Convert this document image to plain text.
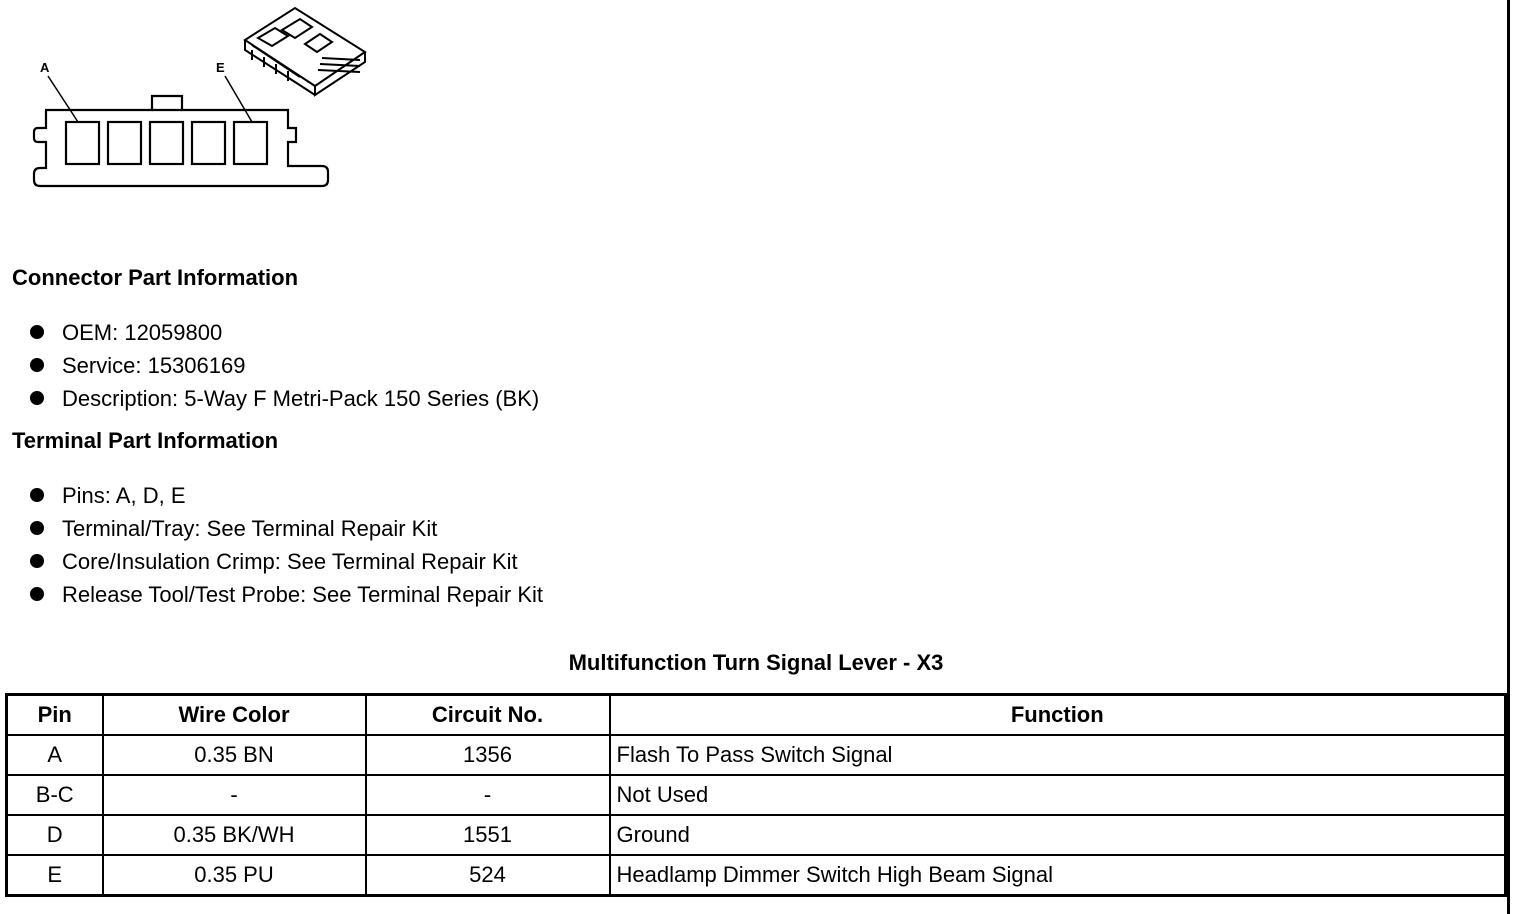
A	E
Connector Part Information
OEM: 12059800
Service: 15306169
Description: 5-Way F Metri-Pack 150 Series (BK)
Terminal Part Information
Pins: A, D, E
Terminal/Tray: See Terminal Repair Kit
Core/Insulation Crimp: See Terminal Repair Kit
Release Tool/Test Probe: See Terminal Repair Kit
Multifunction Turn Signal Lever - X3
Pin	Wire Color	Circuit No.	Function
A	0.35 BN	1356	Flash To Pass Switch Signal
B-C	-	-	Not Used
D	0.35 BK/WH	1551	Ground
E	0.35 PU	524	Headlamp Dimmer Switch High Beam Signal
